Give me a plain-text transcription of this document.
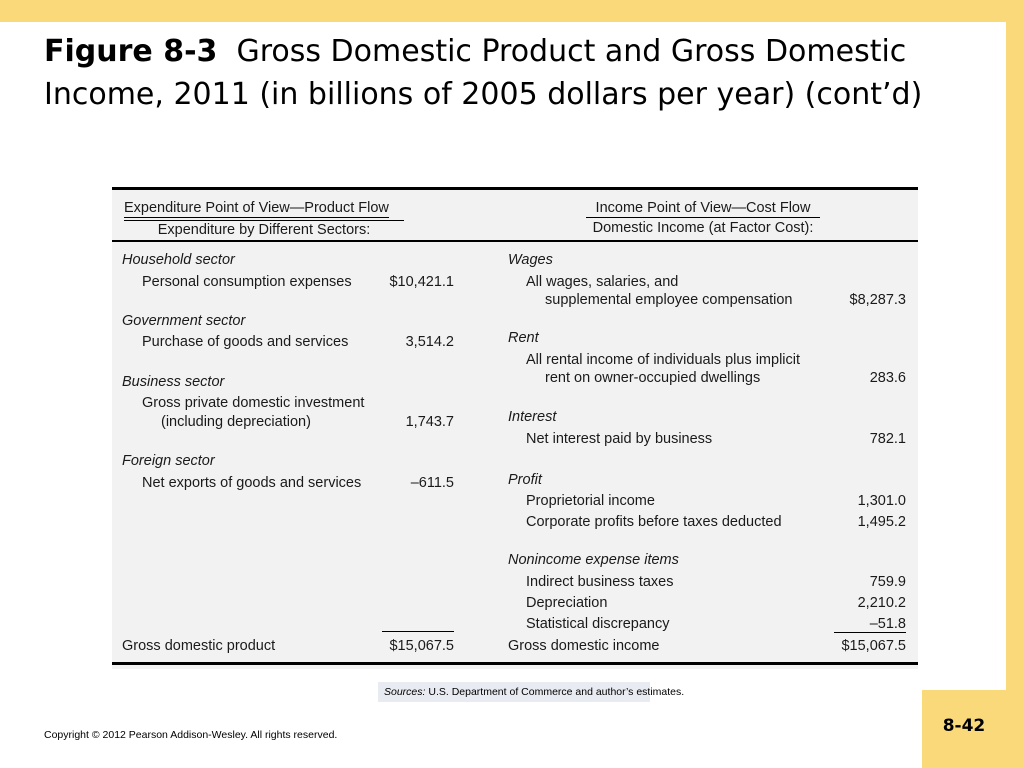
Figure 8-3 Gross Domestic Product and Gross Domestic Income, 2011 (in billions of 2005 dollars per year) (cont’d)
Expenditure Point of View—Product Flow
Expenditure by Different Sectors:
Income Point of View—Cost Flow
Domestic Income (at Factor Cost):
Household sector
Personal consumption expenses	$10,421.1
Government sector
Purchase of goods and services	3,514.2
Business sector
Gross private domestic investment
(including depreciation)	1,743.7
Foreign sector
Net exports of goods and services	–611.5
Gross domestic product	$15,067.5
Wages
All wages, salaries, and
supplemental employee compensation	$8,287.3
Rent
All rental income of individuals plus implicit
rent on owner-occupied dwellings	283.6
Interest
Net interest paid by business	782.1
Profit
Proprietorial income	1,301.0
Corporate profits before taxes deducted	1,495.2
Nonincome expense items
Indirect business taxes	759.9
Depreciation	2,210.2
Statistical discrepancy	–51.8
Gross domestic income	$15,067.5
Sources: U.S. Department of Commerce and author’s estimates.
Copyright © 2012 Pearson Addison-Wesley. All rights reserved.	8-42
